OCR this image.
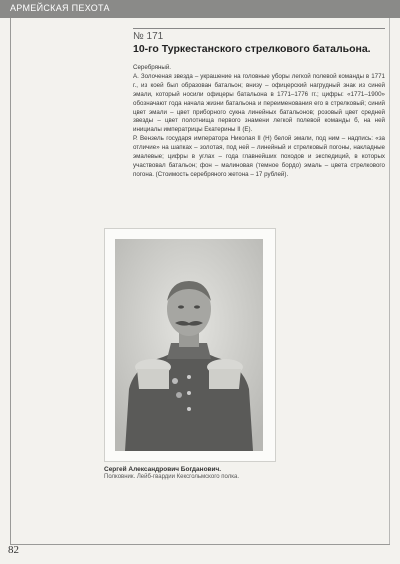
АРМЕЙСКАЯ ПЕХОТА
№ 171
10-го Туркестанского стрелкового батальона.

Серебряный.

А. Золоченая звезда – украшение на головные уборы легкой полевой команды в 1771 г., из коей был образован батальон; внизу – офицерский нагрудный знак из синей эмали, который носили офицеры батальона в 1771–1776 гг.; цифры: «1771–1900» обозначают года начала жизни батальона и переименования его в стрелковый; синий цвет эмали – цвет приборного сукна линейных батальонов; розовый цвет средней звезды – цвет полотнища первого знамени легкой полевой команды б, на ней инициалы императрицы Екатерины II (Е).

Р. Вензель государя императора Николая II (Н) белой эмали, под ним – надпись: «за отличие» на шапках – золотая, под ней – линейный и стрелковый погоны, накладные эмалевые; цифры в углах – года главнейших походов и экспедиций, в которых участвовал батальон; фон – малиновая (темное бордо) эмаль – цвета стрелкового погона. (Стоимость серебряного жетона – 17 рублей).

Сергей Александрович Богданович.
Полковник. Лейб-гвардии Кексгольмского полка.
82
